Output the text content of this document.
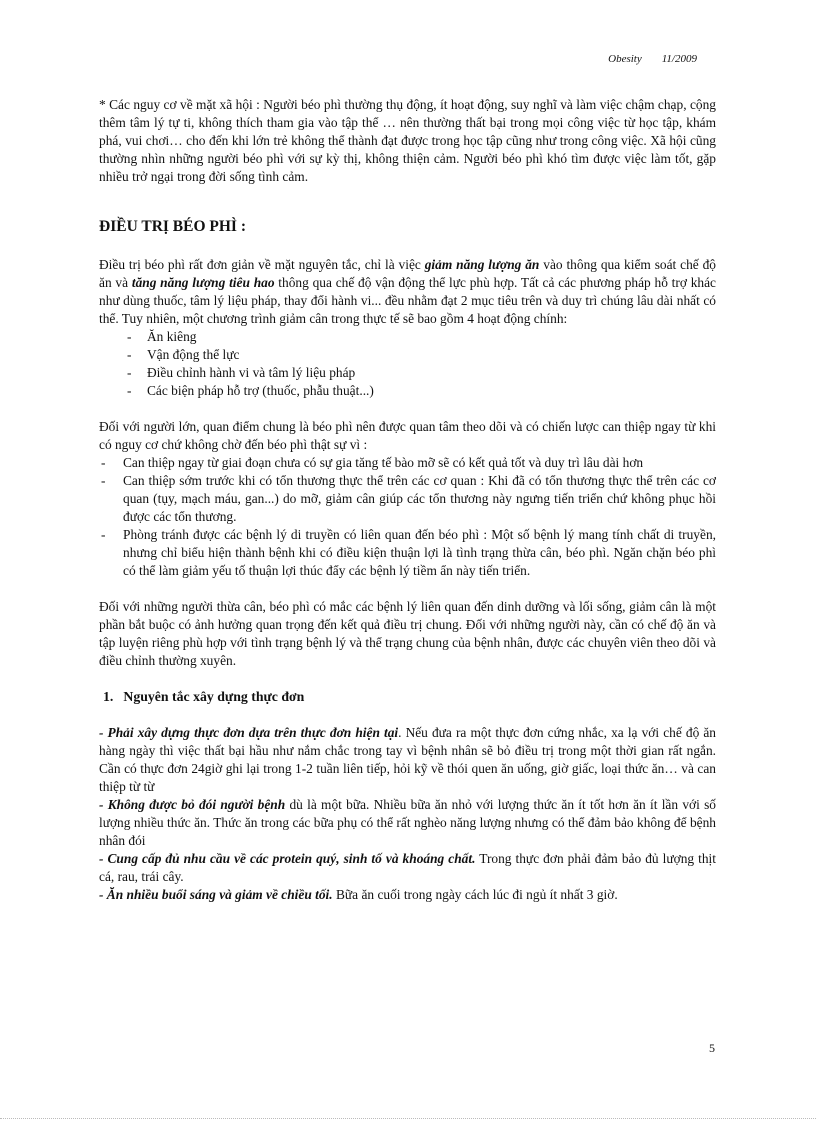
Obesity 11/2009

* Các nguy cơ về mặt xã hội : Người béo phì thường thụ động, ít hoạt động, suy nghĩ và làm việc chậm chạp, cộng thêm tâm lý tự ti, không thích tham gia vào tập thể … nên thường thất bại trong mọi công việc từ học tập, khám phá, vui chơi… cho đến khi lớn trẻ không thể thành đạt được trong học tập cũng như trong công việc. Xã hội cũng thường nhìn những người béo phì với sự kỳ thị, không thiện cảm. Người béo phì khó tìm được việc làm tốt, gặp nhiều trở ngại trong đời sống tình cảm.

ĐIỀU TRỊ BÉO PHÌ :

Điều trị béo phì rất đơn giản về mặt nguyên tắc, chỉ là việc giảm năng lượng ăn vào thông qua kiểm soát chế độ ăn và tăng năng lượng tiêu hao thông qua chế độ vận động thể lực phù hợp. Tất cả các phương pháp hỗ trợ khác như dùng thuốc, tâm lý liệu pháp, thay đổi hành vi... đều nhằm đạt 2 mục tiêu trên và duy trì chúng lâu dài nhất có thể. Tuy nhiên, một chương trình giảm cân trong thực tế sẽ bao gồm 4 hoạt động chính:

- Ăn kiêng
- Vận động thể lực
- Điều chỉnh hành vi và tâm lý liệu pháp
- Các biện pháp hỗ trợ (thuốc, phẫu thuật...)

Đối với người lớn, quan điểm chung là béo phì nên được quan tâm theo dõi và có chiến lược can thiệp ngay từ khi có nguy cơ chứ không chờ đến béo phì thật sự vì :

- Can thiệp ngay từ giai đoạn chưa có sự gia tăng tế bào mỡ sẽ có kết quả tốt và duy trì lâu dài hơn
- Can thiệp sớm trước khi có tổn thương thực thể trên các cơ quan : Khi đã có tổn thương thực thể trên các cơ quan (tụy, mạch máu, gan...) do mỡ, giảm cân giúp các tổn thương này ngưng tiến triển chứ không phục hồi được các tổn thương.
- Phòng tránh được các bệnh lý di truyền có liên quan đến béo phì : Một số bệnh lý mang tính chất di truyền, nhưng chỉ biểu hiện thành bệnh khi có điều kiện thuận lợi là tình trạng thừa cân, béo phì. Ngăn chặn béo phì có thể làm giảm yếu tố thuận lợi thúc đẩy các bệnh lý tiềm ẩn này tiến triển.

Đối với những người thừa cân, béo phì có mắc các bệnh lý liên quan đến dinh dưỡng và lối sống, giảm cân là một phần bắt buộc có ảnh hưởng quan trọng đến kết quả điều trị chung. Đối với những người này, cần có chế độ ăn và tập luyện riêng phù hợp với tình trạng bệnh lý và thể trạng chung của bệnh nhân, được các chuyên viên theo dõi và điều chỉnh thường xuyên.

1. Nguyên tắc xây dựng thực đơn

- Phải xây dựng thực đơn dựa trên thực đơn hiện tại. Nếu đưa ra một thực đơn cứng nhắc, xa lạ với chế độ ăn hàng ngày thì việc thất bại hầu như nắm chắc trong tay vì bệnh nhân sẽ bỏ điều trị trong một thời gian rất ngắn. Cần có thực đơn 24giờ ghi lại trong 1-2 tuần liên tiếp, hỏi kỹ về thói quen ăn uống, giờ giấc, loại thức ăn… và can thiệp từ từ

- Không được bỏ đói người bệnh dù là một bữa. Nhiều bữa ăn nhỏ với lượng thức ăn ít tốt hơn ăn ít lần với số lượng nhiều thức ăn. Thức ăn trong các bữa phụ có thể rất nghèo năng lượng nhưng có thể đảm bảo không để bệnh nhân đói

- Cung cấp đủ nhu cầu về các protein quý, sinh tố và khoáng chất. Trong thực đơn phải đảm bảo đủ lượng thịt cá, rau, trái cây.

- Ăn nhiều buổi sáng và giảm về chiều tối. Bữa ăn cuối trong ngày cách lúc đi ngủ ít nhất 3 giờ.

5
